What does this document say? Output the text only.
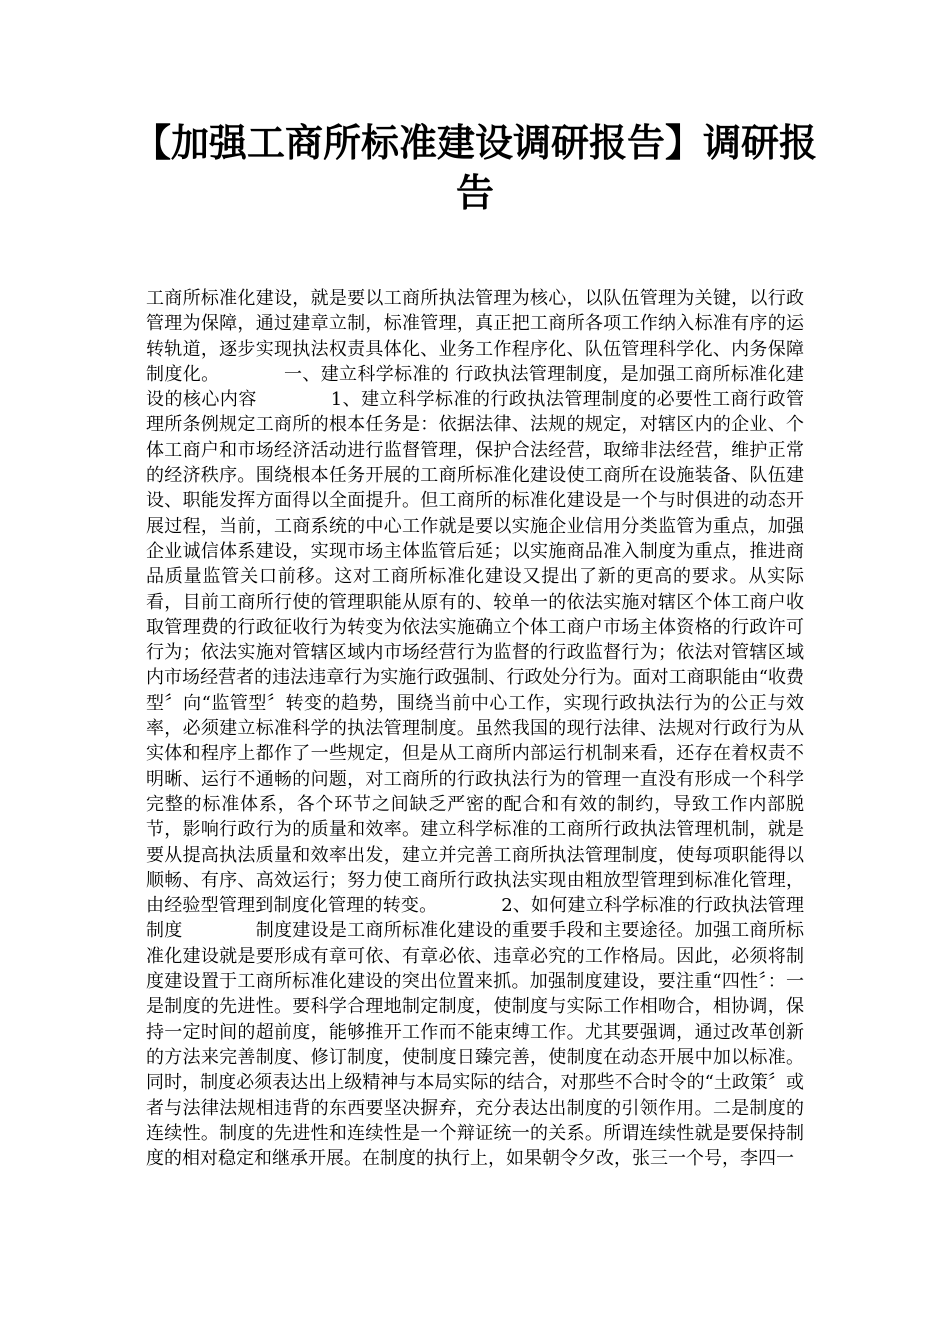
【加强工商所标准建设调研报告】调研报告

工商所标准化建设，就是要以工商所执法管理为核心，以队伍管理为关键，以行政管理为保障，通过建章立制，标准管理，真正把工商所各项工作纳入标准有序的运转轨道，逐步实现执法权责具体化、业务工作程序化、队伍管理科学化、内务保障制度化。　　　　一、建立科学标准的 行政执法管理制度，是加强工商所标准化建设的核心内容　　　　1、建立科学标准的行政执法管理制度的必要性工商行政管理所条例规定工商所的根本任务是：依据法律、法规的规定，对辖区内的企业、个体工商户和市场经济活动进行监督管理，保护合法经营，取缔非法经营，维护正常的经济秩序。围绕根本任务开展的工商所标准化建设使工商所在设施装备、队伍建设、职能发挥方面得以全面提升。但工商所的标准化建设是一个与时俱进的动态开展过程，当前，工商系统的中心工作就是要以实施企业信用分类监管为重点，加强企业诚信体系建设，实现市场主体监管后延；以实施商品准入制度为重点，推进商品质量监管关口前移。这对工商所标准化建设又提出了新的更高的要求。从实际看，目前工商所行使的管理职能从原有的、较单一的依法实施对辖区个体工商户收取管理费的行政征收行为转变为依法实施确立个体工商户市场主体资格的行政许可行为；依法实施对管辖区域内市场经营行为监督的行政监督行为；依法对管辖区域内市场经营者的违法违章行为实施行政强制、行政处分行为。面对工商职能由“收费型〞向“监管型〞转变的趋势，围绕当前中心工作，实现行政执法行为的公正与效率，必须建立标准科学的执法管理制度。虽然我国的现行法律、法规对行政行为从实体和程序上都作了一些规定，但是从工商所内部运行机制来看，还存在着权责不明晰、运行不通畅的问题，对工商所的行政执法行为的管理一直没有形成一个科学完整的标准体系，各个环节之间缺乏严密的配合和有效的制约，导致工作内部脱节，影响行政行为的质量和效率。建立科学标准的工商所行政执法管理机制，就是要从提高执法质量和效率出发，建立并完善工商所执法管理制度，使每项职能得以顺畅、有序、高效运行；努力使工商所行政执法实现由粗放型管理到标准化管理，由经验型管理到制度化管理的转变。　　　　2、如何建立科学标准的行政执法管理制度　　　　制度建设是工商所标准化建设的重要手段和主要途径。加强工商所标准化建设就是要形成有章可依、有章必依、违章必究的工作格局。因此，必须将制度建设置于工商所标准化建设的突出位置来抓。加强制度建设，要注重“四性〞：一是制度的先进性。要科学合理地制定制度，使制度与实际工作相吻合，相协调，保持一定时间的超前度，能够推开工作而不能束缚工作。尤其要强调，通过改革创新的方法来完善制度、修订制度，使制度日臻完善，使制度在动态开展中加以标准。同时，制度必须表达出上级精神与本局实际的结合，对那些不合时令的“土政策〞或者与法律法规相违背的东西要坚决摒弃，充分表达出制度的引领作用。二是制度的连续性。制度的先进性和连续性是一个辩证统一的关系。所谓连续性就是要保持制度的相对稳定和继承开展。在制度的执行上，如果朝令夕改，张三一个号，李四一
